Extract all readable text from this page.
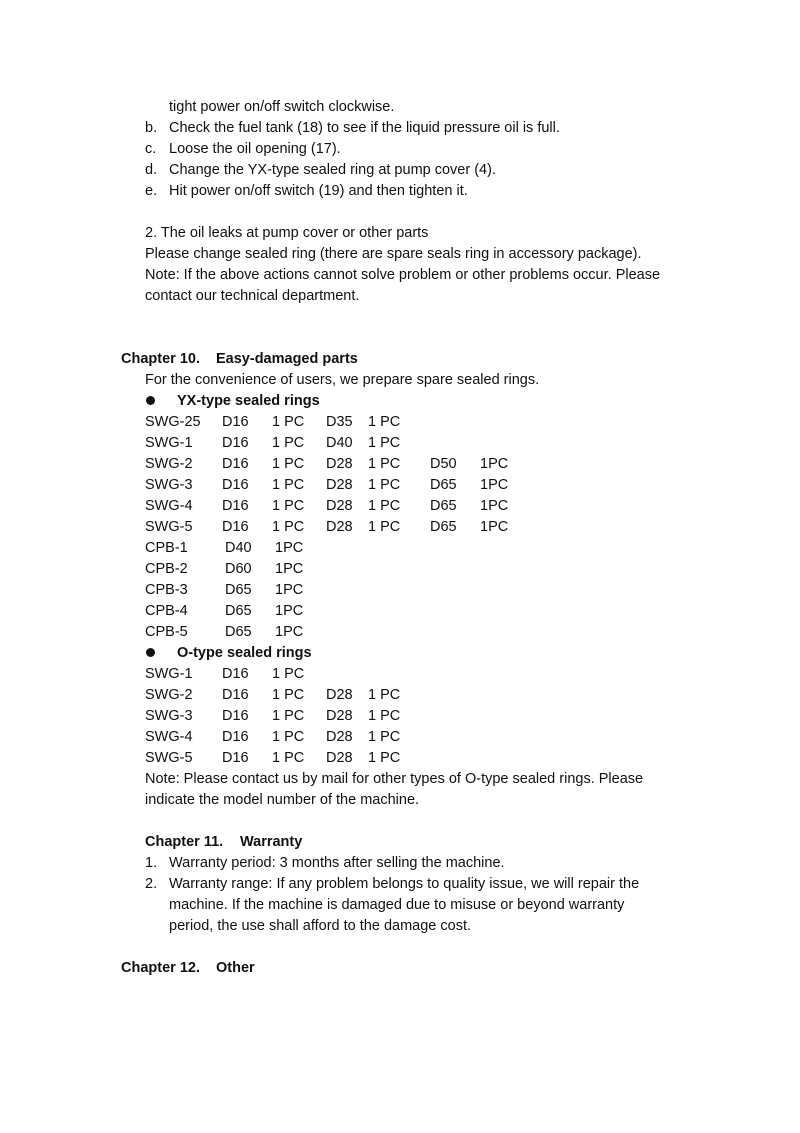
tight power on/off switch clockwise.
b. Check the fuel tank (18) to see if the liquid pressure oil is full.
c. Loose the oil opening (17).
d. Change the YX-type sealed ring at pump cover (4).
e. Hit power on/off switch (19) and then tighten it.
2. The oil leaks at pump cover or other parts
Please change sealed ring (there are spare seals ring in accessory package).
Note: If the above actions cannot solve problem or other problems occur. Please
contact our technical department.
Chapter 10. Easy-damaged parts
For the convenience of users, we prepare spare sealed rings.
YX-type sealed rings
SWG-25 D16 1 PC D35 1 PC
SWG-1 D16 1 PC D40 1 PC
SWG-2 D16 1 PC D28 1 PC D50 1PC
SWG-3 D16 1 PC D28 1 PC D65 1PC
SWG-4 D16 1 PC D28 1 PC D65 1PC
SWG-5 D16 1 PC D28 1 PC D65 1PC
CPB-1	D40 1PC
CPB-2	D60 1PC
CPB-3	D65 1PC
CPB-4	D65 1PC
CPB-5	D65 1PC
O-type sealed rings
SWG-1 D16 1 PC
SWG-2 D16 1 PC D28 1 PC
SWG-3 D16 1 PC D28 1 PC
SWG-4 D16 1 PC D28 1 PC
SWG-5 D16 1 PC D28 1 PC
Note: Please contact us by mail for other types of O-type sealed rings. Please
indicate the model number of the machine.
Chapter 11. Warranty
1. Warranty period: 3 months after selling the machine.
2. Warranty range: If any problem belongs to quality issue, we will repair the
machine. If the machine is damaged due to misuse or beyond warranty
period, the use shall afford to the damage cost.
Chapter 12. Other
